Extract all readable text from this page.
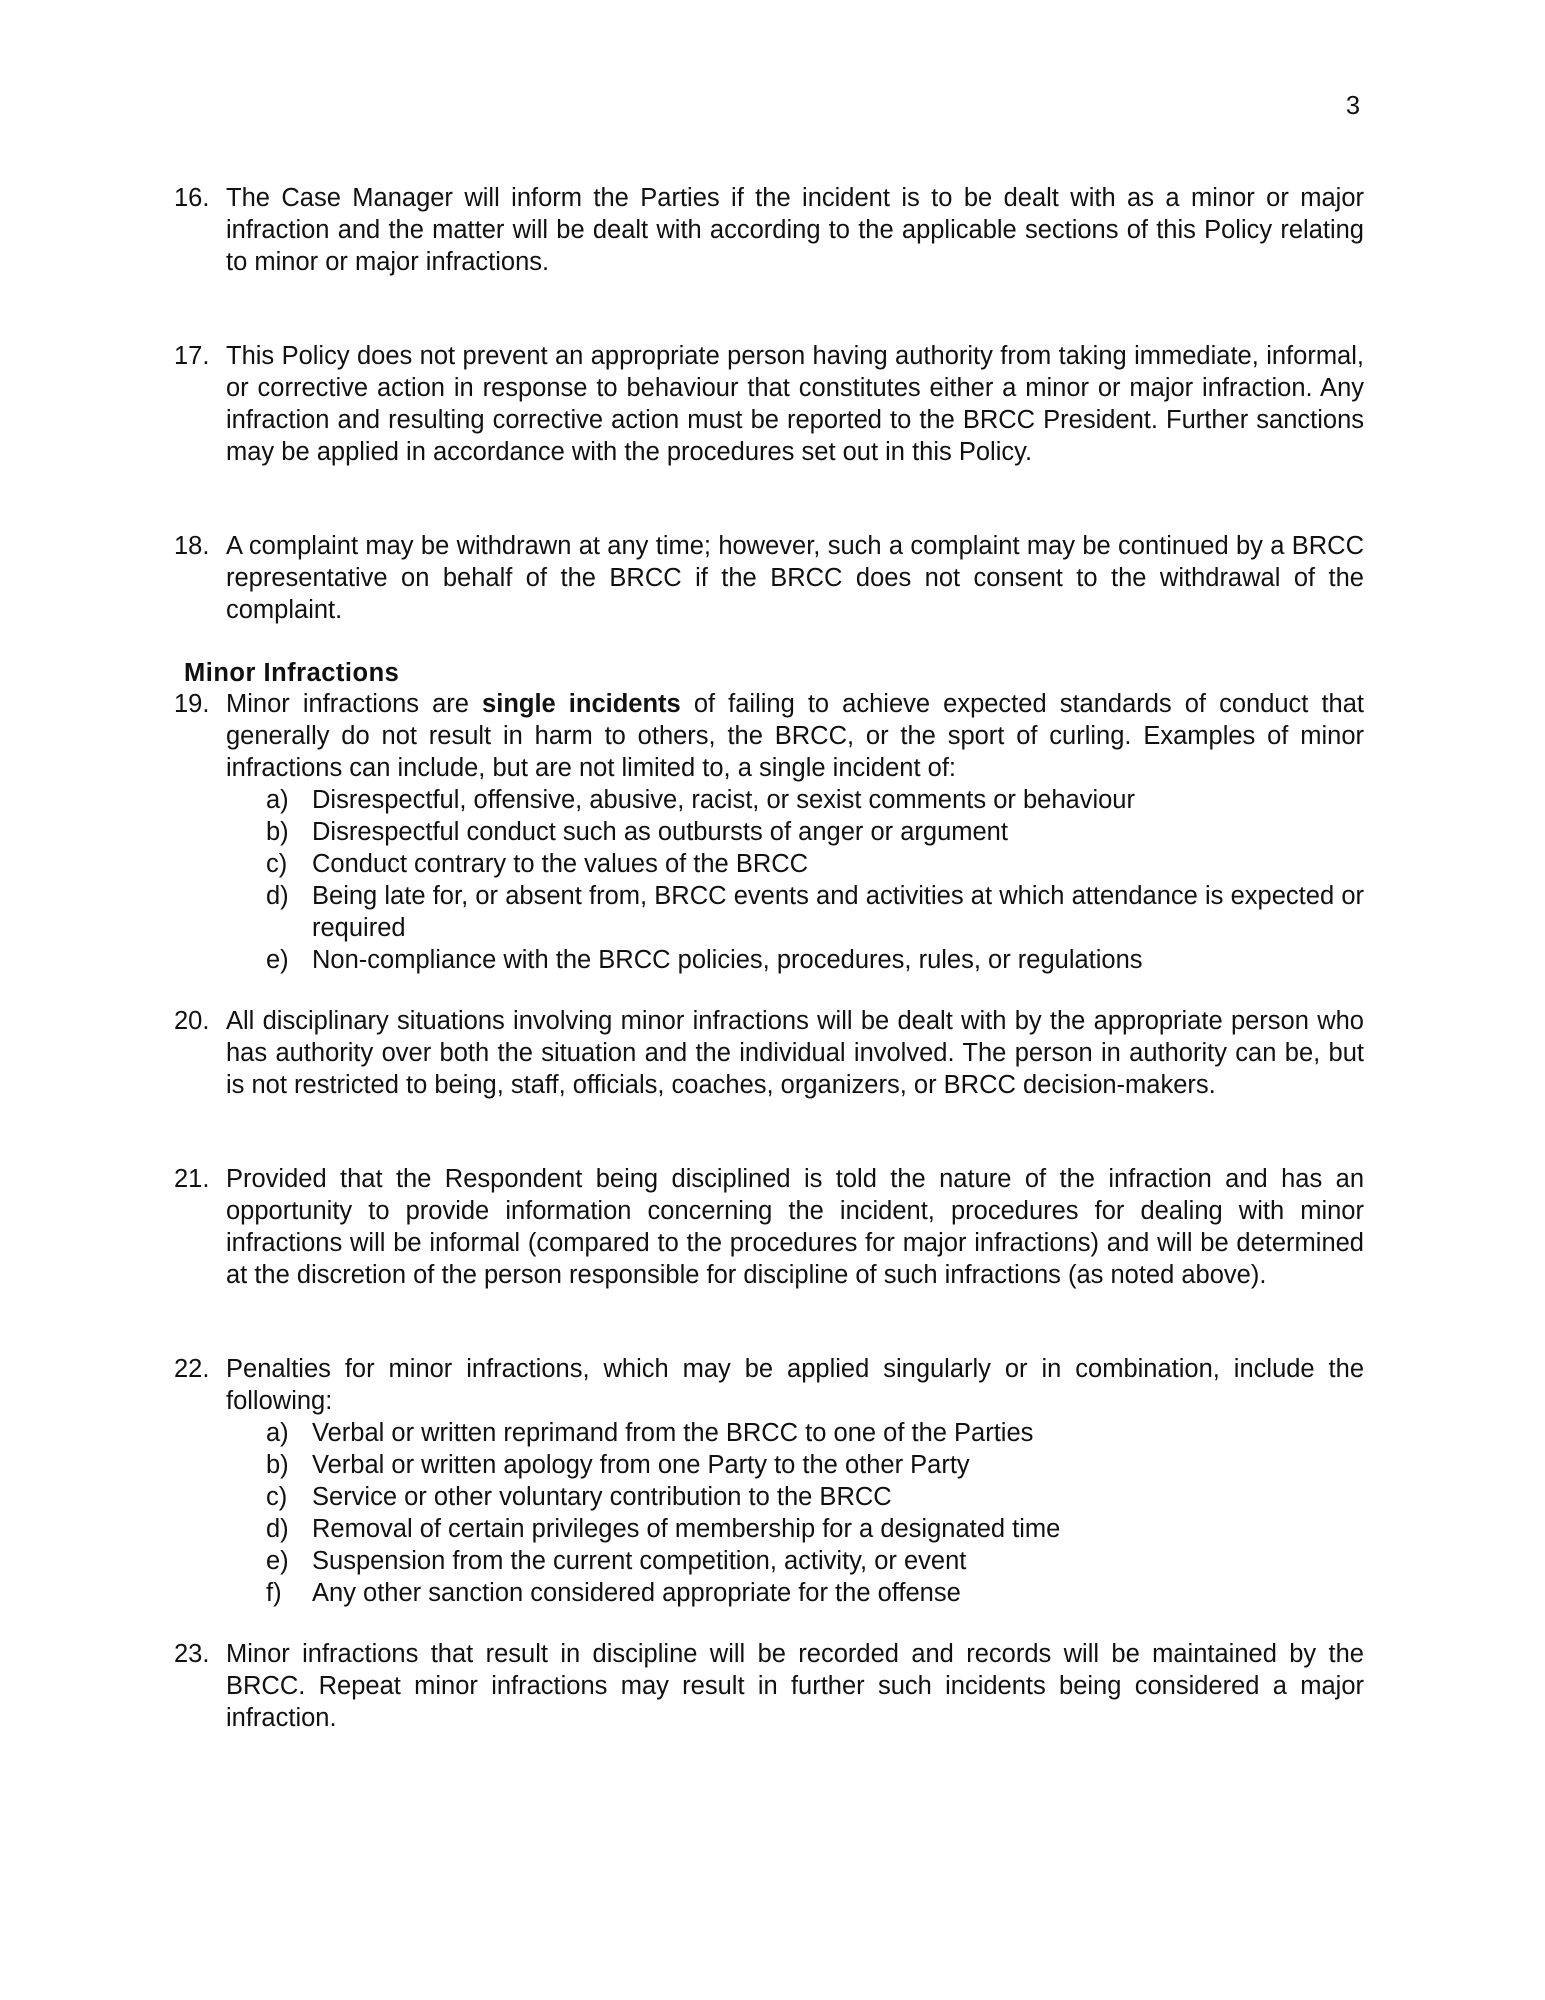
3
16. The Case Manager will inform the Parties if the incident is to be dealt with as a minor or major infraction and the matter will be dealt with according to the applicable sections of this Policy relating to minor or major infractions.
17. This Policy does not prevent an appropriate person having authority from taking immediate, informal, or corrective action in response to behaviour that constitutes either a minor or major infraction. Any infraction and resulting corrective action must be reported to the BRCC President. Further sanctions may be applied in accordance with the procedures set out in this Policy.
18. A complaint may be withdrawn at any time; however, such a complaint may be continued by a BRCC representative on behalf of the BRCC if the BRCC does not consent to the withdrawal of the complaint.
Minor Infractions
19. Minor infractions are single incidents of failing to achieve expected standards of conduct that generally do not result in harm to others, the BRCC, or the sport of curling. Examples of minor infractions can include, but are not limited to, a single incident of:
a) Disrespectful, offensive, abusive, racist, or sexist comments or behaviour
b) Disrespectful conduct such as outbursts of anger or argument
c) Conduct contrary to the values of the BRCC
d) Being late for, or absent from, BRCC events and activities at which attendance is expected or required
e) Non-compliance with the BRCC policies, procedures, rules, or regulations
20. All disciplinary situations involving minor infractions will be dealt with by the appropriate person who has authority over both the situation and the individual involved. The person in authority can be, but is not restricted to being, staff, officials, coaches, organizers, or BRCC decision-makers.
21. Provided that the Respondent being disciplined is told the nature of the infraction and has an opportunity to provide information concerning the incident, procedures for dealing with minor infractions will be informal (compared to the procedures for major infractions) and will be determined at the discretion of the person responsible for discipline of such infractions (as noted above).
22. Penalties for minor infractions, which may be applied singularly or in combination, include the following:
a) Verbal or written reprimand from the BRCC to one of the Parties
b) Verbal or written apology from one Party to the other Party
c) Service or other voluntary contribution to the BRCC
d) Removal of certain privileges of membership for a designated time
e) Suspension from the current competition, activity, or event
f)	Any other sanction considered appropriate for the offense
23. Minor infractions that result in discipline will be recorded and records will be maintained by the BRCC. Repeat minor infractions may result in further such incidents being considered a major infraction.
